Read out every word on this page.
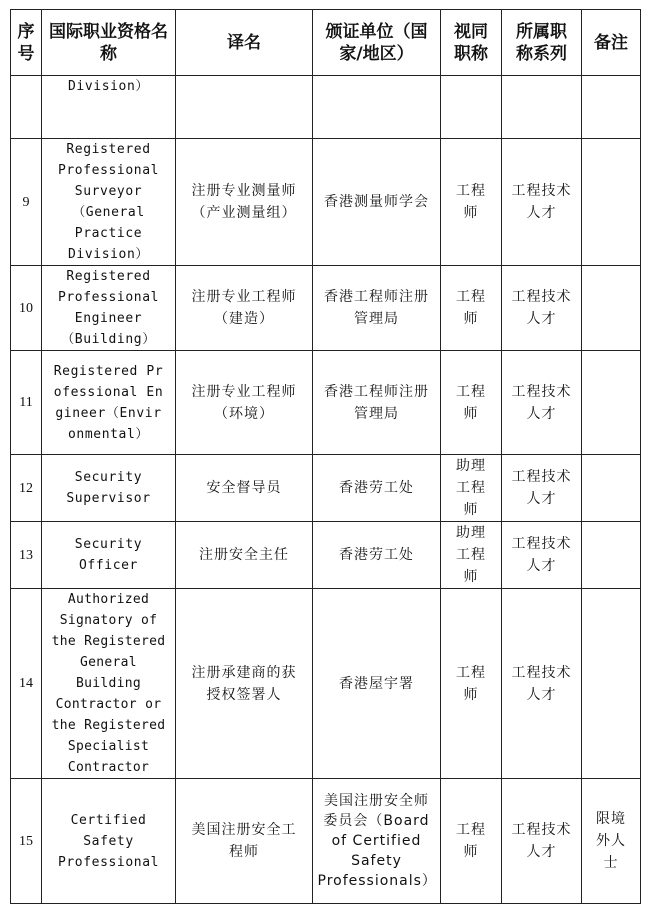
序号	国际职业资格名称	译名	颁证单位（国家/地区）	视同职称	所属职称系列	备注

	Division）					

9	Registered Professional Surveyor（General Practice Division）	注册专业测量师（产业测量组）	香港测量师学会	工程师	工程技术人才	

10	Registered Professional Engineer（Building）	注册专业工程师（建造）	香港工程师注册管理局	工程师	工程技术人才	

11	Registered Professional Engineer（Environmental）	注册专业工程师（环境）	香港工程师注册管理局	工程师	工程技术人才	

12	Security Supervisor	安全督导员	香港劳工处	助理工程师	工程技术人才	

13	Security Officer	注册安全主任	香港劳工处	助理工程师	工程技术人才	

14	Authorized Signatory of the Registered General Building Contractor or the Registered Specialist Contractor	注册承建商的获授权签署人	香港屋宇署	工程师	工程技术人才	

15	Certified Safety Professional	美国注册安全工程师	美国注册安全师委员会（Board of Certified Safety Professionals）	工程师	工程技术人才	限境外人士
